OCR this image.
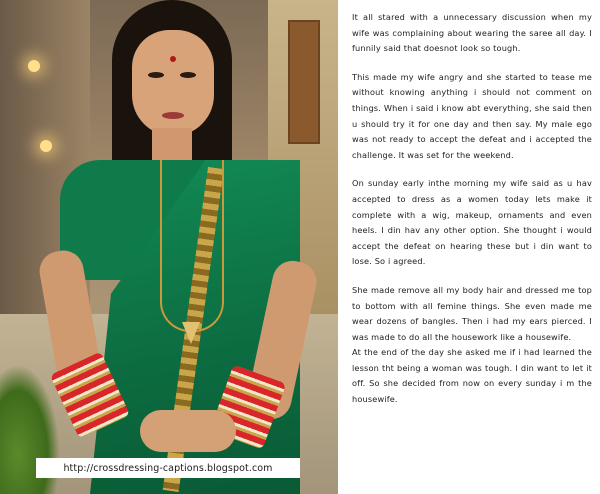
http://crossdressing-captions.blogspot.com

It all stared with a unnecessary discussion when my wife was complaining about wearing the saree all day. I funnily said that doesnot look so tough.

This made my wife angry and she started to tease me without knowing anything i should not comment on things. When i said i know abt everything, she said then u should try it for one day and then say. My male ego was not ready to accept the defeat and i accepted the challenge. It was set for the weekend.

On sunday early inthe morning my wife said as u hav accepted to dress as a women today lets make it complete with a wig, makeup, ornaments and even heels. I din hav any other option. She thought i would accept the defeat on hearing these but i din want to lose. So i agreed.

She made remove all my body hair and dressed me top to bottom with all femine things. She even made me wear dozens of bangles. Then i had my ears pierced. I was made to do all the housework like a housewife.

At the end of the day she asked me if i had learned the lesson tht being a woman was tough. I din want to let it off. So she decided from now on every sunday i m the housewife.
